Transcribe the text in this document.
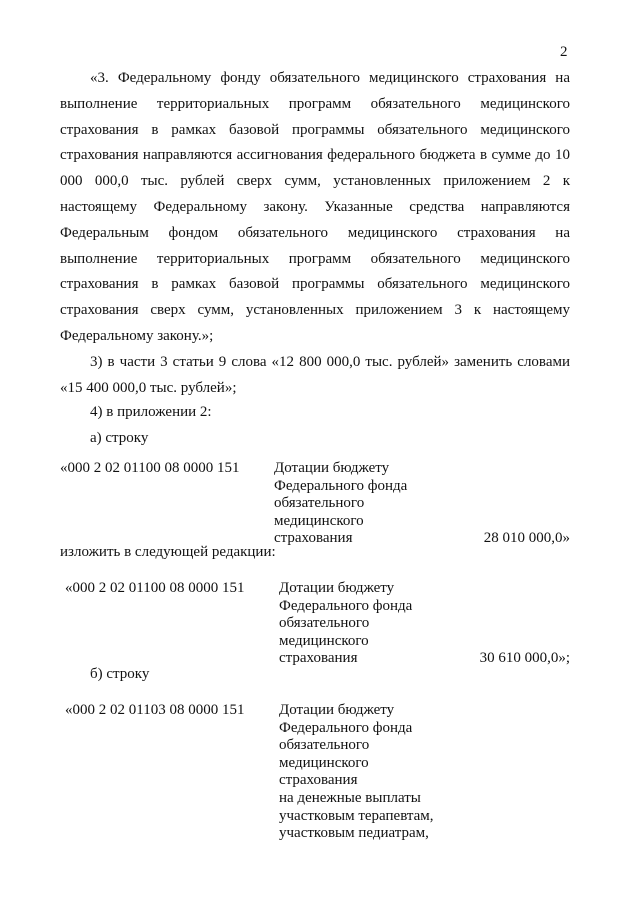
2
«3. Федеральному фонду обязательного медицинского страхования на выполнение территориальных программ обязательного медицинского страхования в рамках базовой программы обязательного медицинского страхования направляются ассигнования федерального бюджета в сумме до 10 000 000,0 тыс. рублей сверх сумм, установленных приложением 2 к настоящему Федеральному закону. Указанные средства направляются Федеральным фондом обязательного медицинского страхования на выполнение территориальных программ обязательного медицинского страхования в рамках базовой программы обязательного медицинского страхования сверх сумм, установленных приложением 3 к настоящему Федеральному закону.»;
3) в части 3 статьи 9 слова «12 800 000,0 тыс. рублей» заменить словами «15 400 000,0 тыс. рублей»;
4) в приложении 2:
а) строку
«000 2 02 01100 08 0000 151 Дотации бюджету
Федерального фонда
обязательного
медицинского
страхования	28 010 000,0»
изложить в следующей редакции:
«000 2 02 01100 08 0000 151 Дотации бюджету
Федерального фонда
обязательного
медицинского
страхования	30 610 000,0»;
б) строку
«000 2 02 01103 08 0000 151 Дотации бюджету
Федерального фонда
обязательного
медицинского
страхования
на денежные выплаты
участковым терапевтам,
участковым педиатрам,
